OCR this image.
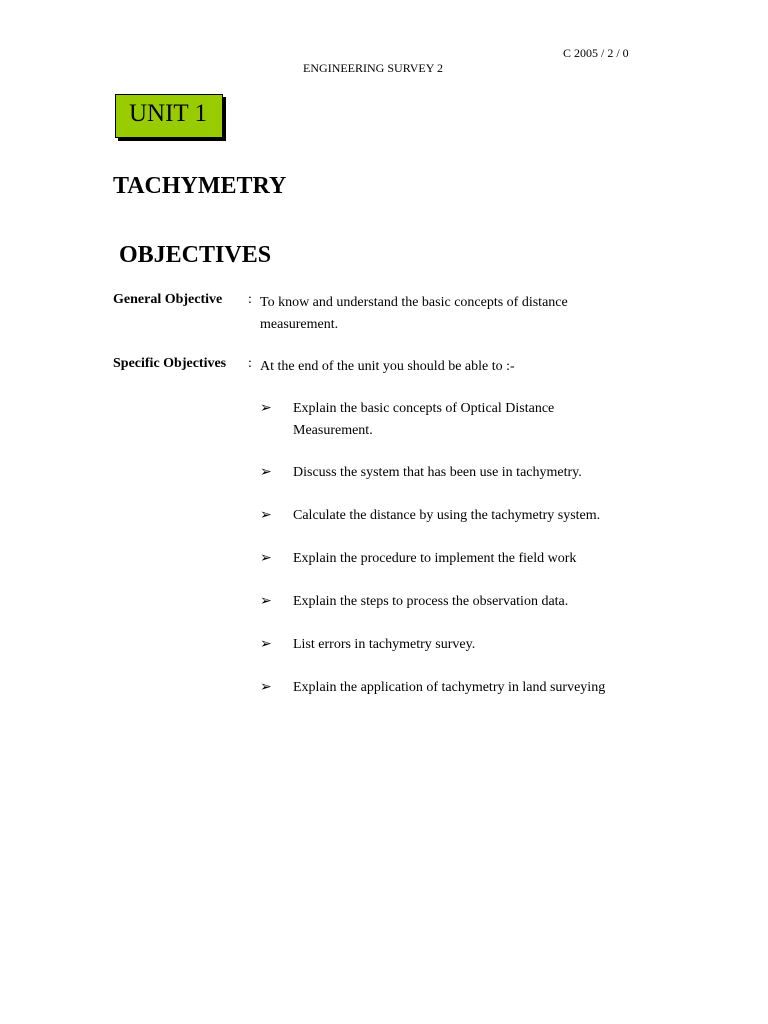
C 2005 / 2 / 0
ENGINEERING SURVEY 2
UNIT 1
TACHYMETRY
OBJECTIVES
General Objective : To know and understand the basic concepts of distance measurement.
Specific Objectives : At the end of the unit you should be able to :-
➢ Explain the basic concepts of Optical Distance Measurement.
➢ Discuss the system that has been use in tachymetry.
➢ Calculate the distance by using the tachymetry system.
➢ Explain the procedure to implement the field work
➢ Explain the steps to process the observation data.
➢ List errors in tachymetry survey.
➢ Explain the application of tachymetry in land surveying
